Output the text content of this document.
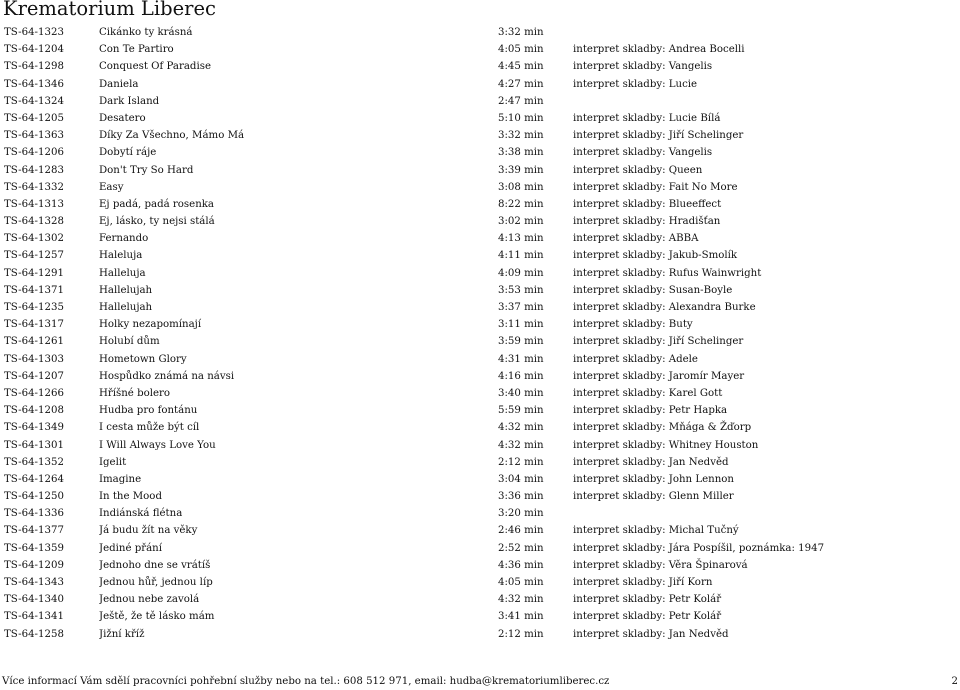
Krematorium Liberec
TS-64-1323	Cikánko ty krásná	3:32 min
TS-64-1204	Con Te Partiro	4:05 min	interpret skladby: Andrea Bocelli
TS-64-1298	Conquest Of Paradise	4:45 min	interpret skladby: Vangelis
TS-64-1346	Daniela	4:27 min	interpret skladby: Lucie
TS-64-1324	Dark Island	2:47 min
TS-64-1205	Desatero	5:10 min	interpret skladby: Lucie Bílá
TS-64-1363	Díky Za Všechno, Mámo Má	3:32 min	interpret skladby: Jiří Schelinger
TS-64-1206	Dobytí ráje	3:38 min	interpret skladby: Vangelis
TS-64-1283	Don't Try So Hard	3:39 min	interpret skladby: Queen
TS-64-1332	Easy	3:08 min	interpret skladby: Fait No More
TS-64-1313	Ej padá, padá rosenka	8:22 min	interpret skladby: Blueeffect
TS-64-1328	Ej, lásko, ty nejsi stálá	3:02 min	interpret skladby: Hradišťan
TS-64-1302	Fernando	4:13 min	interpret skladby: ABBA
TS-64-1257	Haleluja	4:11 min	interpret skladby: Jakub-Smolík
TS-64-1291	Halleluja	4:09 min	interpret skladby: Rufus Wainwright
TS-64-1371	Hallelujah	3:53 min	interpret skladby: Susan-Boyle
TS-64-1235	Hallelujah	3:37 min	interpret skladby: Alexandra Burke
TS-64-1317	Holky nezapomínají	3:11 min	interpret skladby: Buty
TS-64-1261	Holubí dům	3:59 min	interpret skladby: Jiří Schelinger
TS-64-1303	Hometown Glory	4:31 min	interpret skladby: Adele
TS-64-1207	Hospůdko známá na návsi	4:16 min	interpret skladby: Jaromír Mayer
TS-64-1266	Hříšné bolero	3:40 min	interpret skladby: Karel Gott
TS-64-1208	Hudba pro fontánu	5:59 min	interpret skladby: Petr Hapka
TS-64-1349	I cesta může být cíl	4:32 min	interpret skladby: Mňága & Žďorp
TS-64-1301	I Will Always Love You	4:32 min	interpret skladby: Whitney Houston
TS-64-1352	Igelit	2:12 min	interpret skladby: Jan Nedvěd
TS-64-1264	Imagine	3:04 min	interpret skladby: John Lennon
TS-64-1250	In the Mood	3:36 min	interpret skladby: Glenn Miller
TS-64-1336	Indiánská flétna	3:20 min
TS-64-1377	Já budu žít na věky	2:46 min	interpret skladby: Michal Tučný
TS-64-1359	Jediné přání	2:52 min	interpret skladby: Jára Pospíšil, poznámka: 1947
TS-64-1209	Jednoho dne se vrátíš	4:36 min	interpret skladby: Věra Špinarová
TS-64-1343	Jednou hůř, jednou líp	4:05 min	interpret skladby: Jiří Korn
TS-64-1340	Jednou nebe zavolá	4:32 min	interpret skladby: Petr Kolář
TS-64-1341	Ještě, že tě lásko mám	3:41 min	interpret skladby: Petr Kolář
TS-64-1258	Jižní kříž	2:12 min	interpret skladby: Jan Nedvěd
Více informací Vám sdělí pracovníci pohřební služby nebo na tel.: 608 512 971, email: hudba@krematoriumliberec.cz	2
